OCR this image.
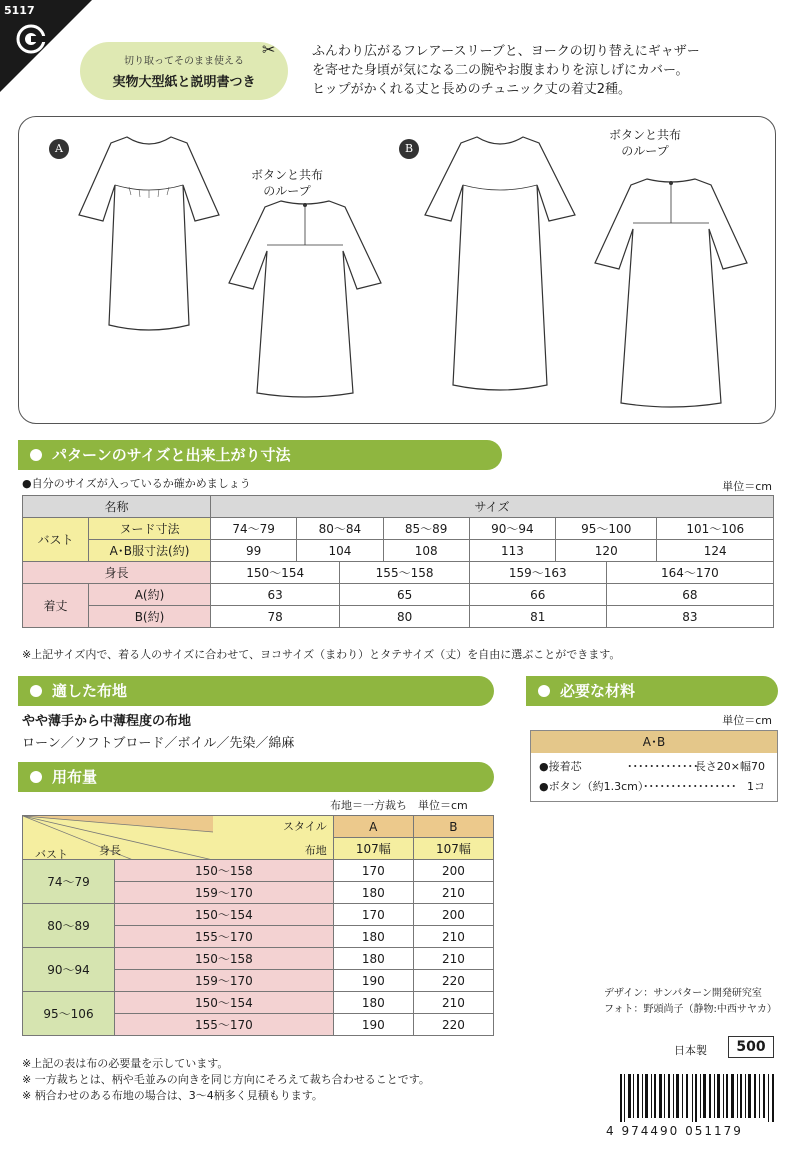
5117
切り取ってそのまま使える
実物大型紙と説明書つき
✂	ふんわり広がるフレアースリーブと、ヨークの切り替えにギャザー
を寄せた身頃が気になる二の腕やお腹まわりを涼しげにカバー。
ヒップがかくれる丈と長めのチュニック丈の着丈2種。
A	B
ボタンと共布
のループ
ボタンと共布
のループ
パターンのサイズと出来上がり寸法
●自分のサイズが入っているか確かめましょう	単位＝cm
名称		サイズ							
バスト	ヌード寸法	74〜79	80〜84		85〜89	90〜94	95〜100		101〜106
	A･B服寸法(約)	99	104		108	113	120		124
身長		150〜154		155〜158		159〜163		164〜170	
着丈	A(約)	63		65		66		68	
	B(約)	78		80		81		83	
※上記サイズ内で、着る人のサイズに合わせて、ヨコサイズ（まわり）とタテサイズ（丈）を自由に選ぶことができます。
適した布地
やや薄手から中薄程度の布地
ローン／ソフトブロード／ボイル／先染／綿麻
必要な材料
単位＝cm
A･B
●接着芯	･････････････
長さ20×幅70
●ボタン（約1.3cm）
･････････････････ 1コ
用布量
布地＝一方裁ち　単位＝cm
スタイル
布地
身長
バスト		A	B
		107幅	107幅
74〜79	150〜158	170	200
	159〜170	180	210
80〜89	150〜154	170	200
	155〜170	180	210
90〜94	150〜158	180	210
	159〜170	190	220
95〜106	150〜154	180	210
	155〜170	190	220
※上記の表は布の必要量を示しています。
※ 一方裁ちとは、柄や毛並みの向きを同じ方向にそろえて裁ち合わせることです。
※ 柄合わせのある布地の場合は、3〜4柄多く見積もります。
デザイン：サンパターン開発研究室
フォト：野頭尚子（静物:中西サヤカ）
日本製	500
4 974490 051179
